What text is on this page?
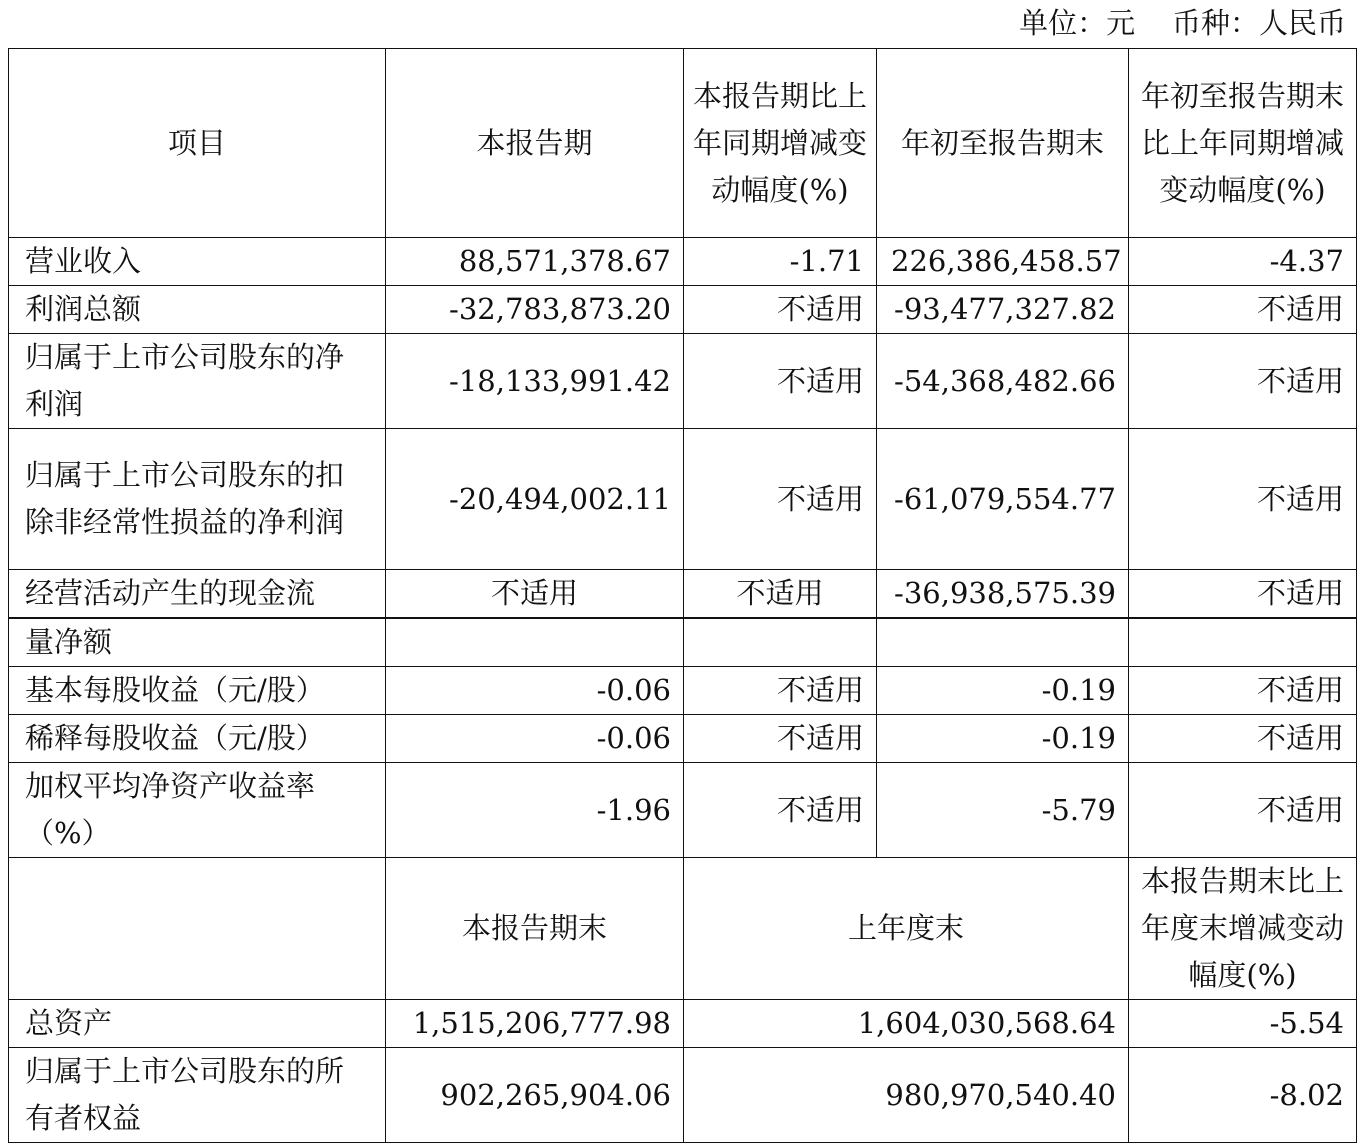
单位：元    币种：人民币
项目	本报告期	本报告期比上年同期增减变动幅度(%)	年初至报告期末	年初至报告期末比上年同期增减变动幅度(%)
营业收入	88,571,378.67	-1.71	226,386,458.57	-4.37
利润总额	-32,783,873.20	不适用	-93,477,327.82	不适用
归属于上市公司股东的净利润	-18,133,991.42	不适用	-54,368,482.66	不适用
归属于上市公司股东的扣除非经常性损益的净利润	-20,494,002.11	不适用	-61,079,554.77	不适用
经营活动产生的现金流	不适用	不适用	-36,938,575.39	不适用
量净额				
基本每股收益（元/股）	-0.06	不适用	-0.19	不适用
稀释每股收益（元/股）	-0.06	不适用	-0.19	不适用
加权平均净资产收益率（%）	-1.96	不适用	-5.79	不适用
	本报告期末	上年度末		本报告期末比上年度末增减变动幅度(%)
总资产	1,515,206,777.98	1,604,030,568.64		-5.54
归属于上市公司股东的所有者权益	902,265,904.06	980,970,540.40		-8.02
